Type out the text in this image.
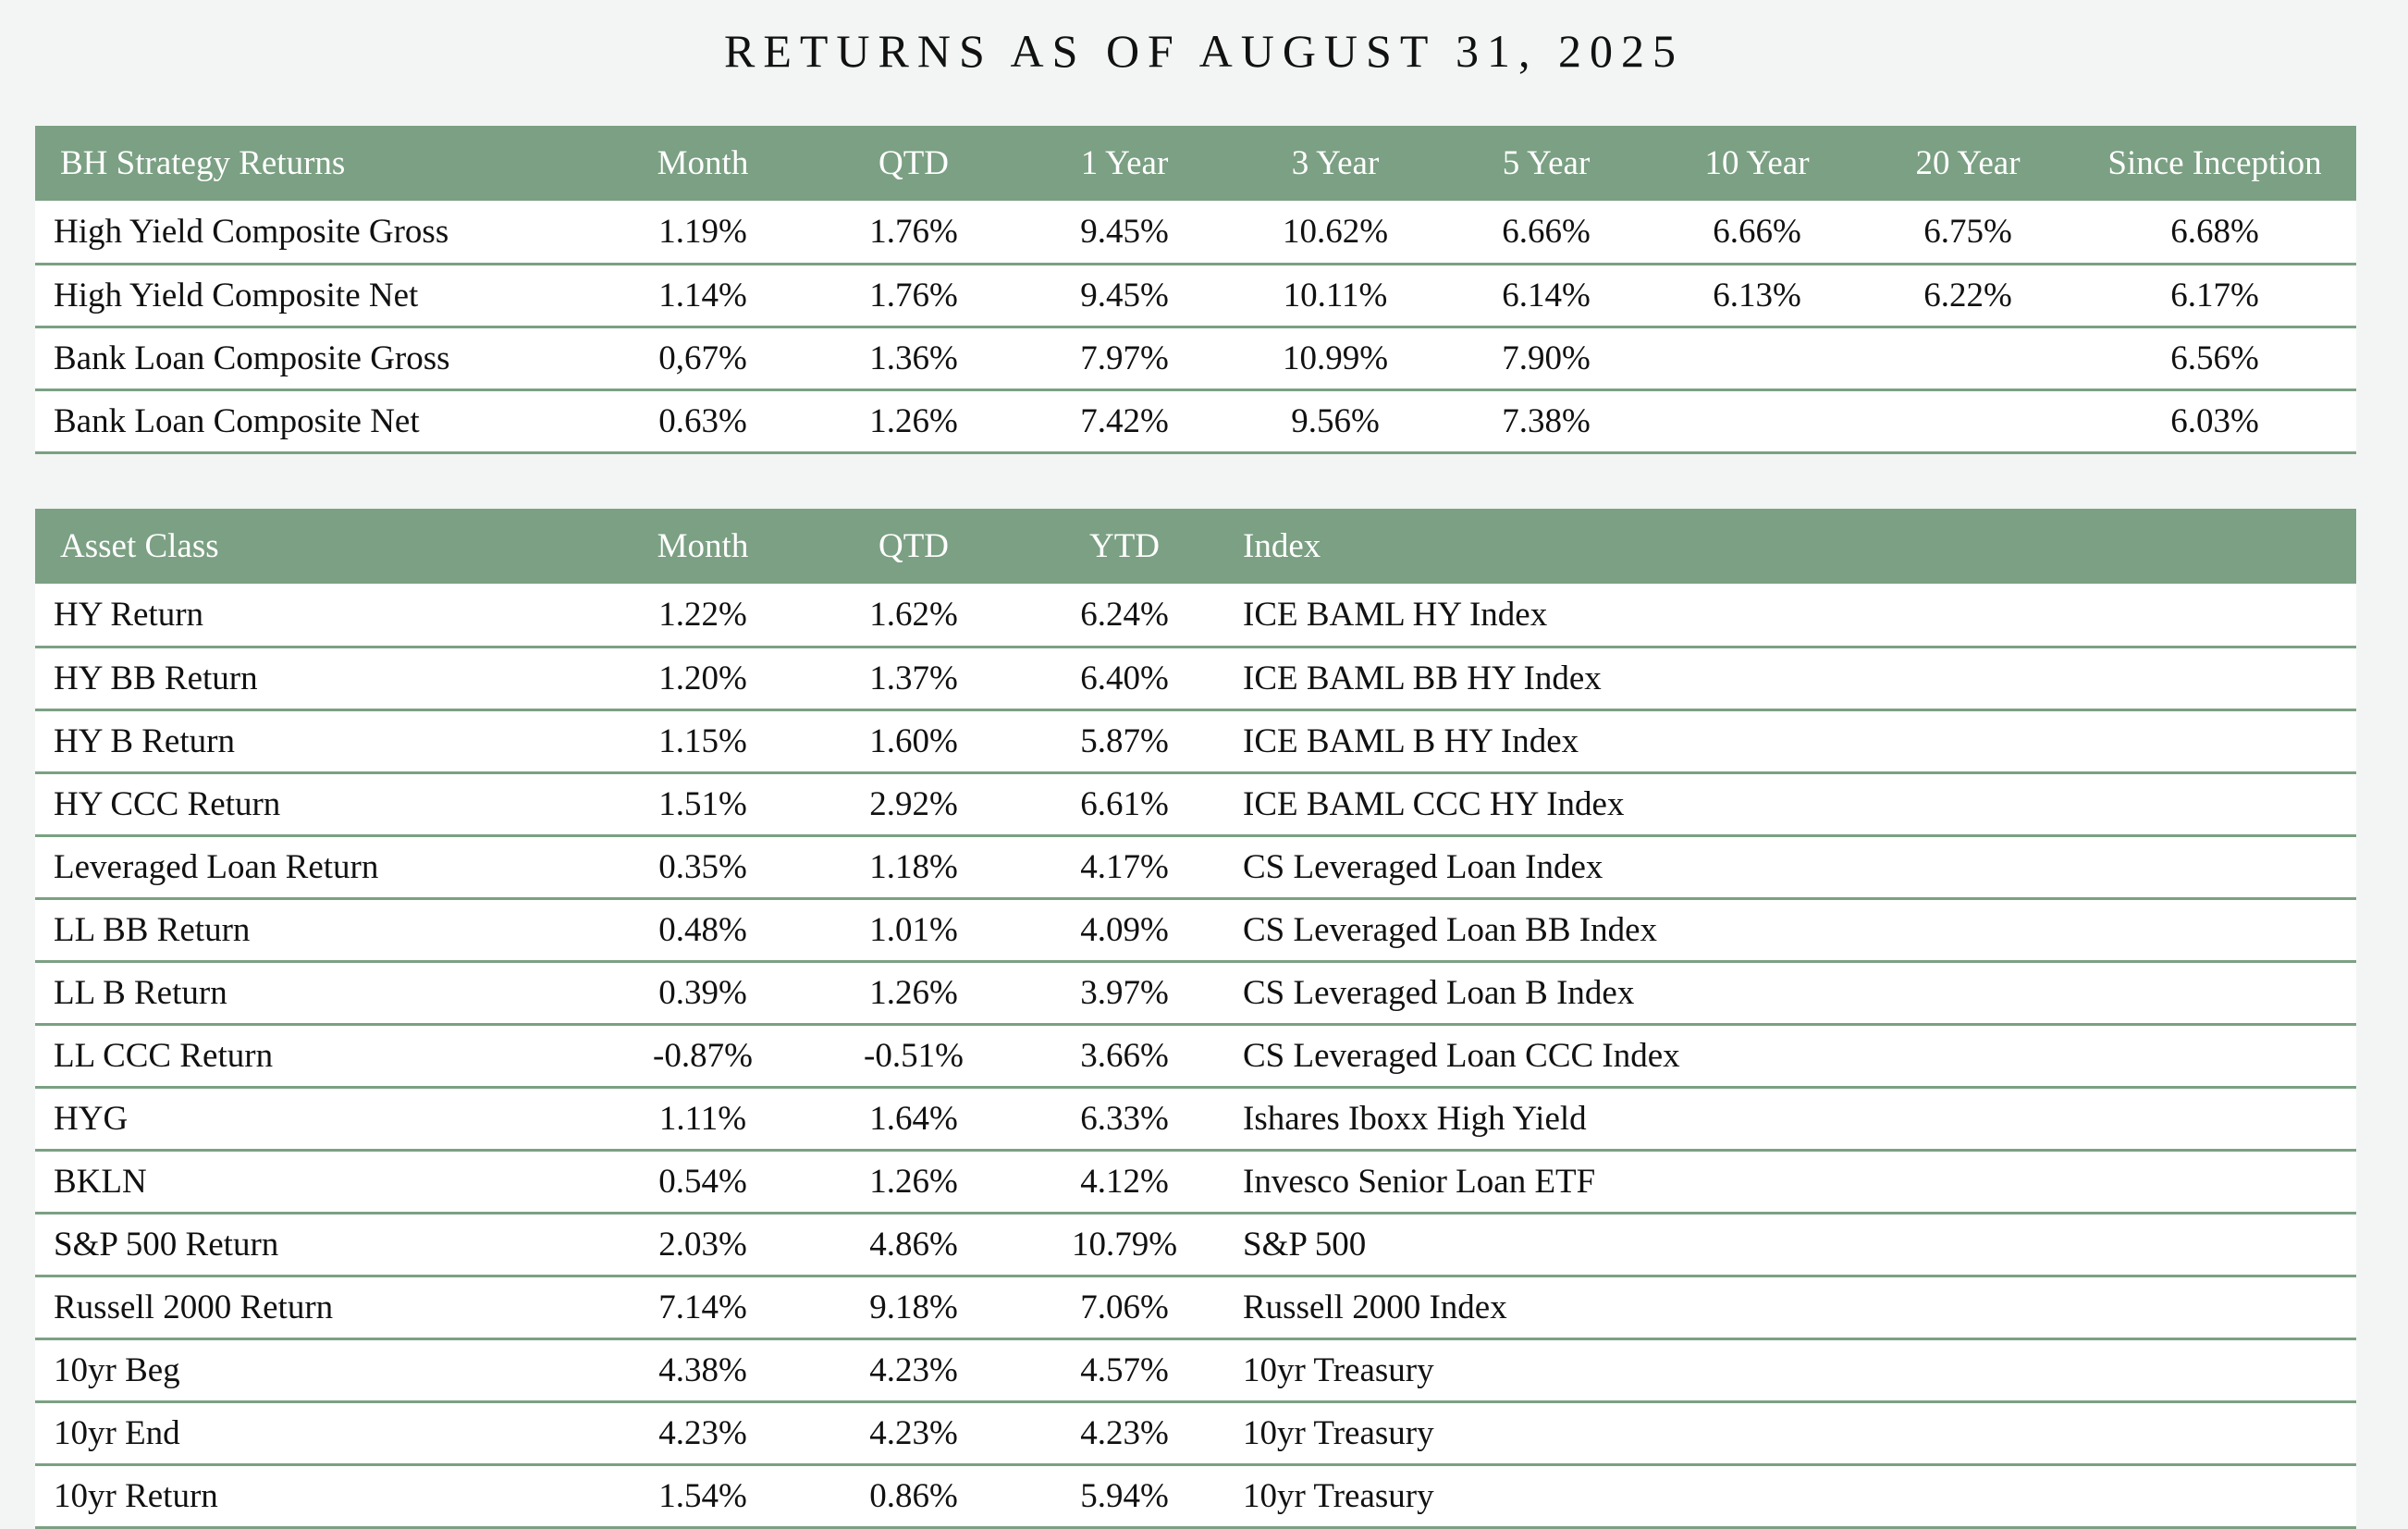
RETURNS AS OF AUGUST 31, 2025
BH Strategy Returns	Month	QTD	1 Year	3 Year	5 Year	10 Year	20 Year	Since Inception
High Yield Composite Gross	1.19%	1.76%	9.45%	10.62%	6.66%	6.66%	6.75%	6.68%
High Yield Composite Net	1.14%	1.76%	9.45%	10.11%	6.14%	6.13%	6.22%	6.17%
Bank Loan Composite Gross	0,67%	1.36%	7.97%	10.99%	7.90%			6.56%
Bank Loan Composite Net	0.63%	1.26%	7.42%	9.56%	7.38%			6.03%
Asset Class	Month	QTD	YTD	Index
HY Return	1.22%	1.62%	6.24%	ICE BAML HY Index
HY BB Return	1.20%	1.37%	6.40%	ICE BAML BB HY Index
HY B Return	1.15%	1.60%	5.87%	ICE BAML B HY Index
HY CCC Return	1.51%	2.92%	6.61%	ICE BAML CCC HY Index
Leveraged Loan Return	0.35%	1.18%	4.17%	CS Leveraged Loan Index
LL BB Return	0.48%	1.01%	4.09%	CS Leveraged Loan BB Index
LL B Return	0.39%	1.26%	3.97%	CS Leveraged Loan B Index
LL CCC Return	-0.87%	-0.51%	3.66%	CS Leveraged Loan CCC Index
HYG	1.11%	1.64%	6.33%	Ishares Iboxx High Yield
BKLN	0.54%	1.26%	4.12%	Invesco Senior Loan ETF
S&P 500 Return	2.03%	4.86%	10.79%	S&P 500
Russell 2000 Return	7.14%	9.18%	7.06%	Russell 2000 Index
10yr Beg	4.38%	4.23%	4.57%	10yr Treasury
10yr End	4.23%	4.23%	4.23%	10yr Treasury
10yr Return	1.54%	0.86%	5.94%	10yr Treasury
